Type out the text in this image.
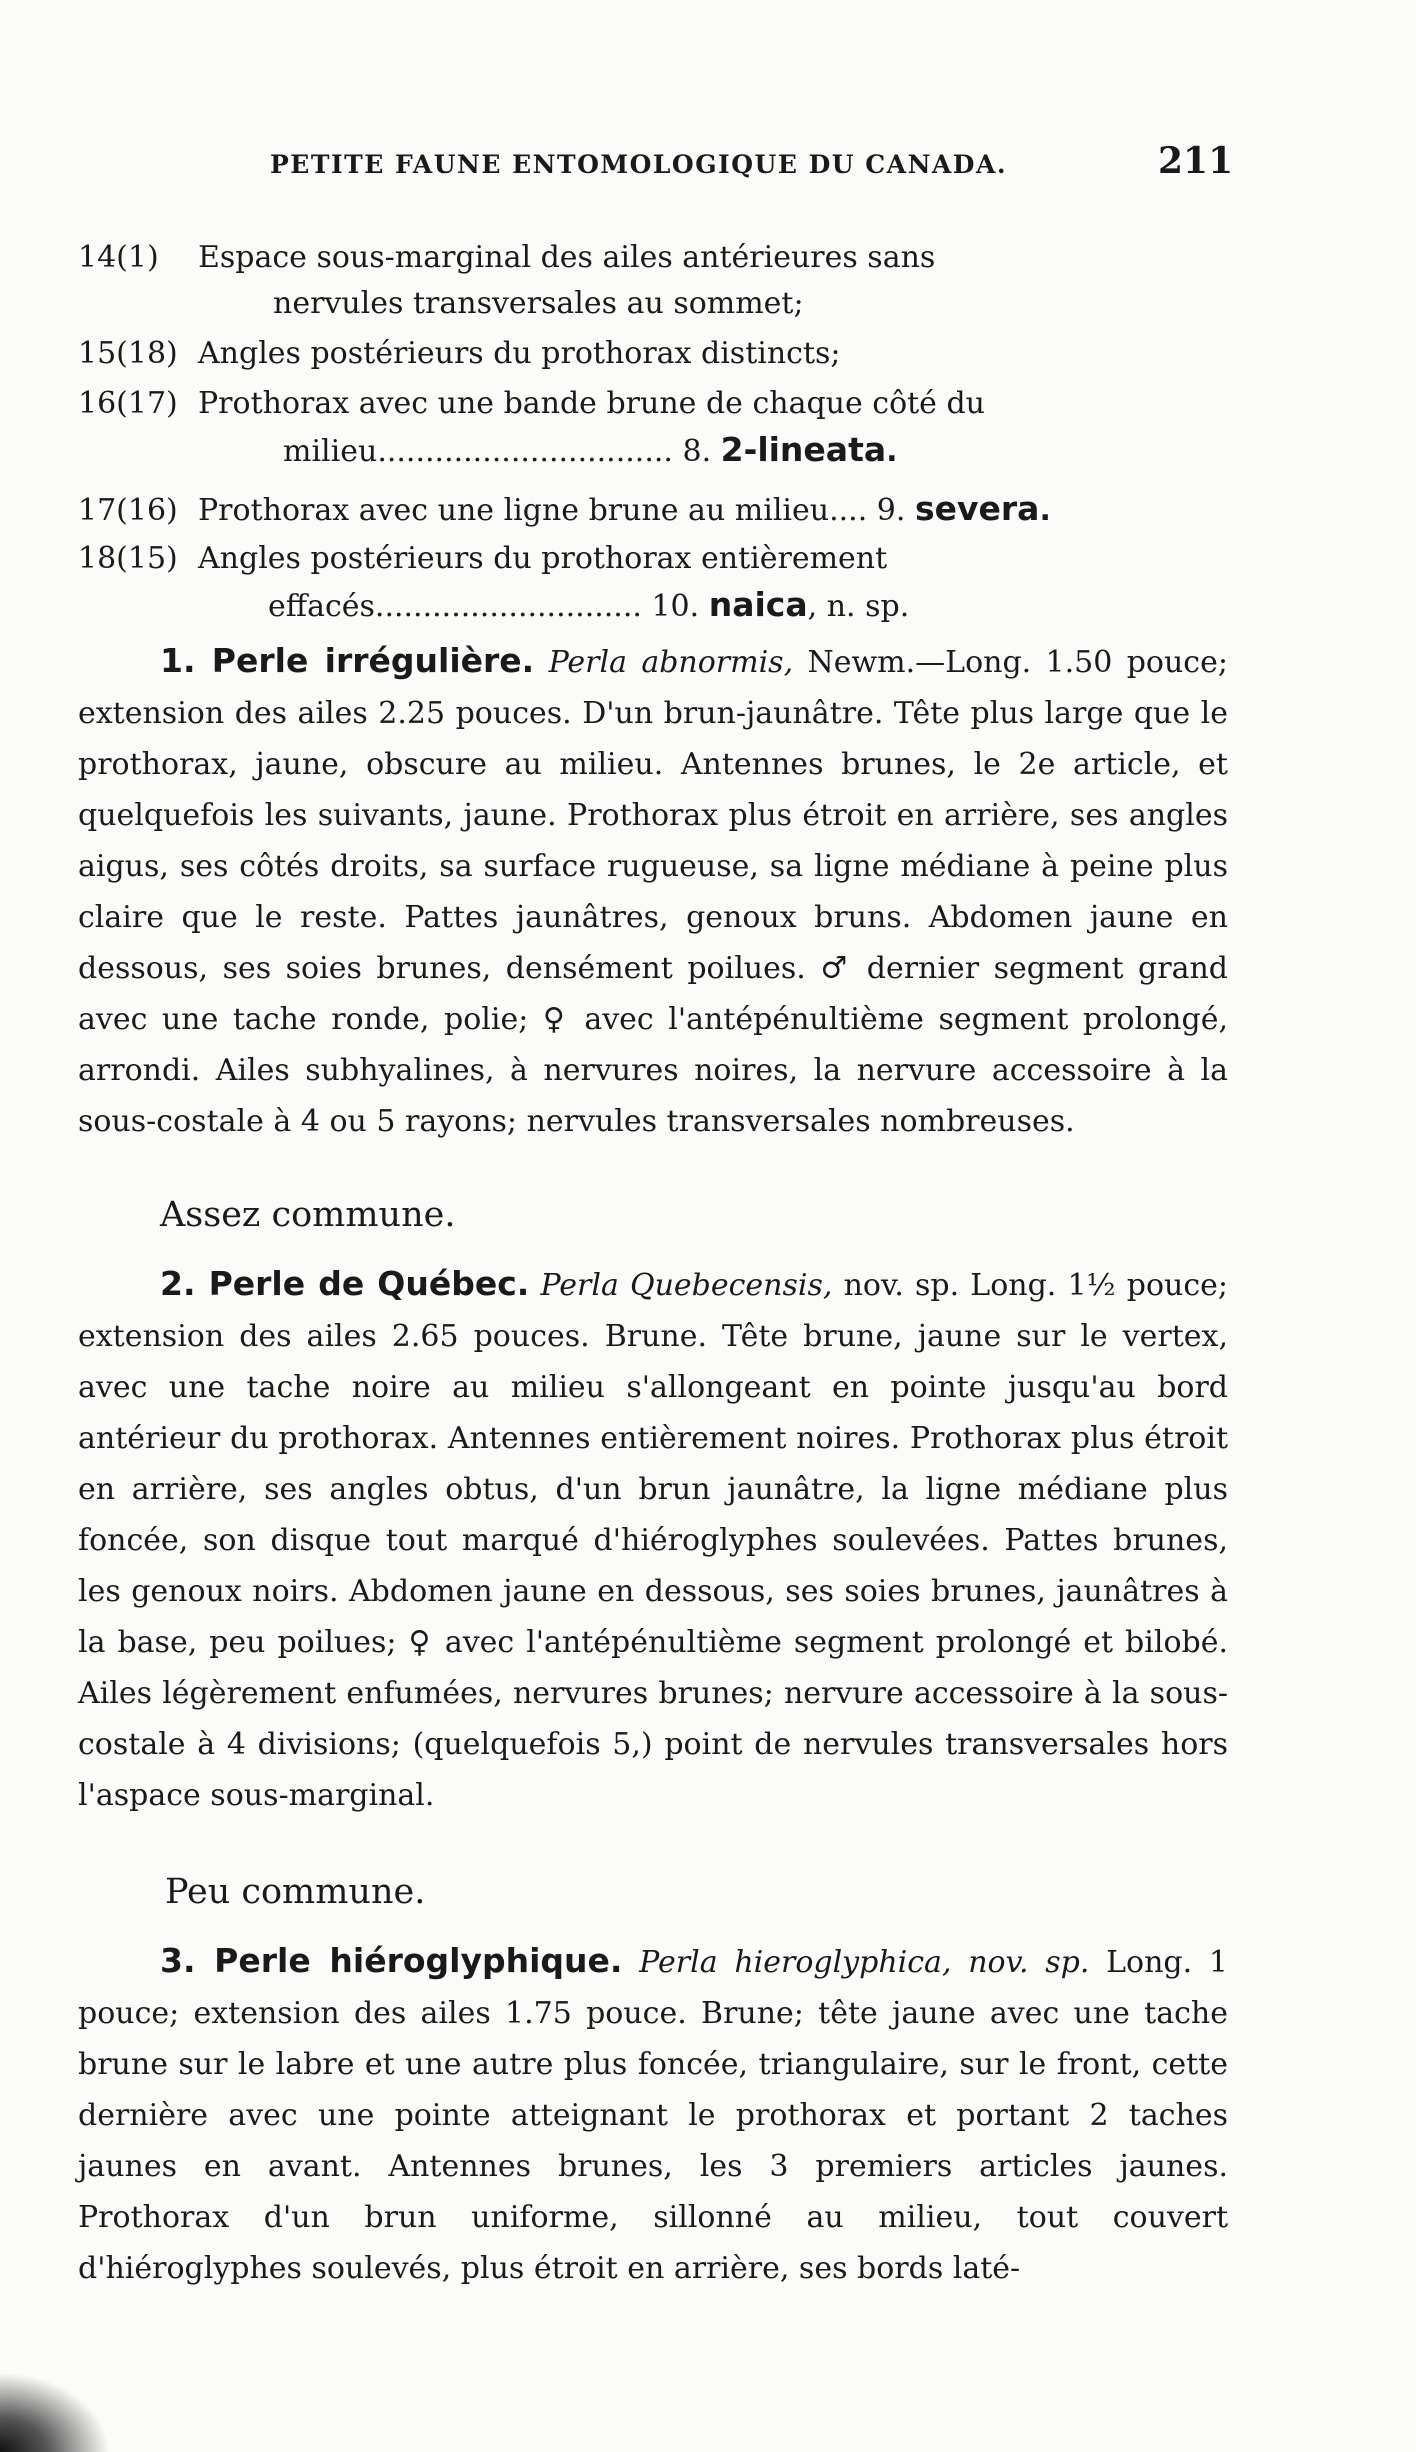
PETITE FAUNE ENTOMOLOGIQUE DU CANADA.	211
14(1) Espace sous-marginal des ailes antérieures sans
nervules transversales au sommet;
15(18) Angles postérieurs du prothorax distincts;
16(17) Prothorax avec une bande brune de chaque côté du
milieu............................... 8. 2-lineata.
17(16) Prothorax avec une ligne brune au milieu.... 9. severa.
18(15) Angles postérieurs du prothorax entièrement
effacés............................ 10. naica, n. sp.

1. Perle irrégulière. Perla abnormis, Newm.—Long. 1.50 pouce; extension des ailes 2.25 pouces. D'un brun-jaunâtre. Tête plus large que le prothorax, jaune, obscure au milieu. Antennes brunes, le 2e article, et quelquefois les suivants, jaune. Prothorax plus étroit en arrière, ses angles aigus, ses côtés droits, sa surface rugueuse, sa ligne médiane à peine plus claire que le reste. Pattes jaunâtres, genoux bruns. Abdomen jaune en dessous, ses soies brunes, densément poilues. ♂ dernier segment grand avec une tache ronde, polie; ♀ avec l'antépénultième segment prolongé, arrondi. Ailes subhyalines, à nervures noires, la nervure accessoire à la sous-costale à 4 ou 5 rayons; nervules transversales nombreuses.

Assez commune.

2. Perle de Québec. Perla Quebecensis, nov. sp. Long. 1½ pouce; extension des ailes 2.65 pouces. Brune. Tête brune, jaune sur le vertex, avec une tache noire au milieu s'allongeant en pointe jusqu'au bord antérieur du prothorax. Antennes entièrement noires. Prothorax plus étroit en arrière, ses angles obtus, d'un brun jaunâtre, la ligne médiane plus foncée, son disque tout marqué d'hiéroglyphes soulevées. Pattes brunes, les genoux noirs. Abdomen jaune en dessous, ses soies brunes, jaunâtres à la base, peu poilues; ♀ avec l'antépénultième segment prolongé et bilobé. Ailes légèrement enfumées, nervures brunes; nervure accessoire à la sous-costale à 4 divisions; (quelquefois 5,) point de nervules transversales hors l'aspace sous-marginal.

Peu commune.

3. Perle hiéroglyphique. Perla hieroglyphica, nov. sp. Long. 1 pouce; extension des ailes 1.75 pouce. Brune; tête jaune avec une tache brune sur le labre et une autre plus foncée, triangulaire, sur le front, cette dernière avec une pointe atteignant le prothorax et portant 2 taches jaunes en avant. Antennes brunes, les 3 premiers articles jaunes. Prothorax d'un brun uniforme, sillonné au milieu, tout couvert d'hiéroglyphes soulevés, plus étroit en arrière, ses bords laté-
